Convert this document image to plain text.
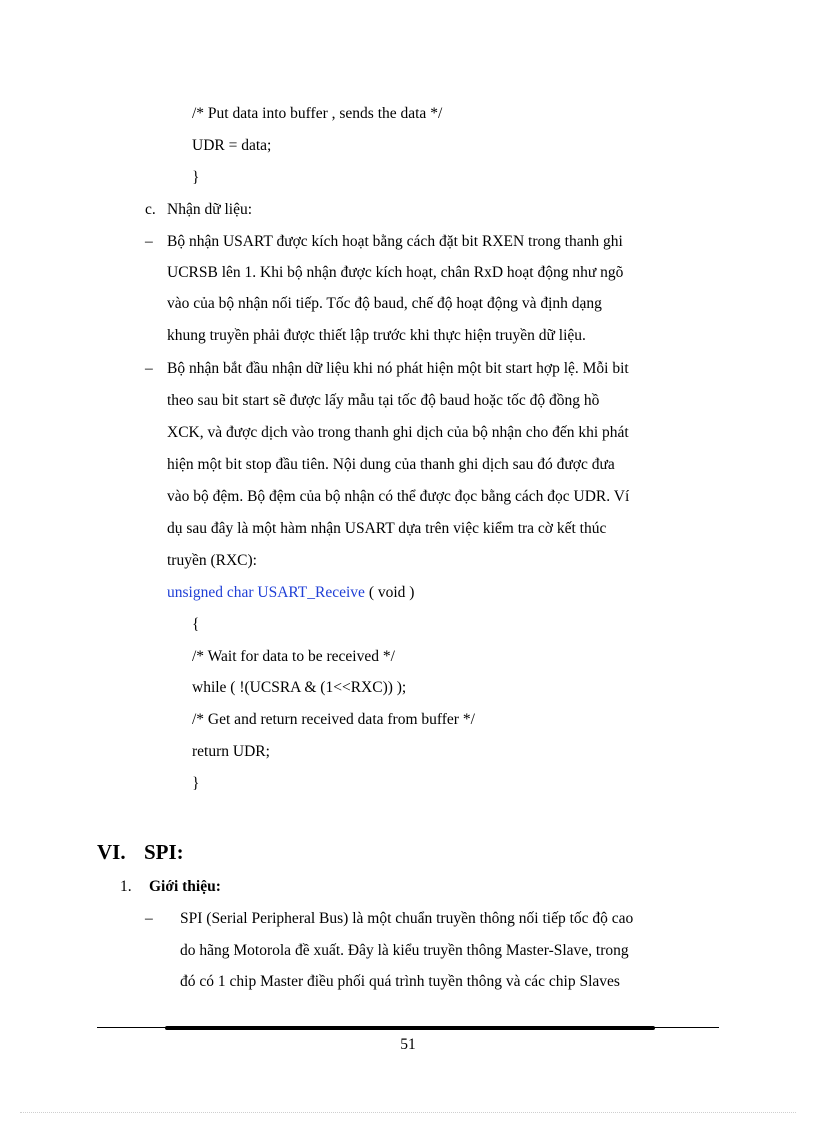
/* Put data into buffer , sends the data */
UDR = data;
}
c. Nhận dữ liệu:
– Bộ nhận USART được kích hoạt bằng cách đặt bit RXEN trong thanh ghi
UCRSB lên 1. Khi bộ nhận được kích hoạt, chân RxD hoạt động như ngõ
vào của bộ nhận nối tiếp. Tốc độ baud, chế độ hoạt động và định dạng
khung truyền phải được thiết lập trước khi thực hiện truyền dữ liệu.
– Bộ nhận bắt đầu nhận dữ liệu khi nó phát hiện một bit start hợp lệ. Mỗi bit
theo sau bit start sẽ được lấy mẫu tại tốc độ baud hoặc tốc độ đồng hồ
XCK, và được dịch vào trong thanh ghi dịch của bộ nhận cho đến khi phát
hiện một bit stop đầu tiên. Nội dung của thanh ghi dịch sau đó được đưa
vào bộ đệm. Bộ đệm của bộ nhận có thể được đọc bằng cách đọc UDR. Ví
dụ sau đây là một hàm nhận USART dựa trên việc kiểm tra cờ kết thúc
truyền (RXC):
unsigned char USART_Receive ( void )
{
/* Wait for data to be received */
while ( !(UCSRA & (1<<RXC)) );
/* Get and return received data from buffer */
return UDR;
}
VI. SPI:
1. Giới thiệu:
– SPI (Serial Peripheral Bus) là một chuẩn truyền thông nối tiếp tốc độ cao
do hãng Motorola đề xuất. Đây là kiểu truyền thông Master-Slave, trong
đó có 1 chip Master điều phối quá trình tuyền thông và các chip Slaves
51
